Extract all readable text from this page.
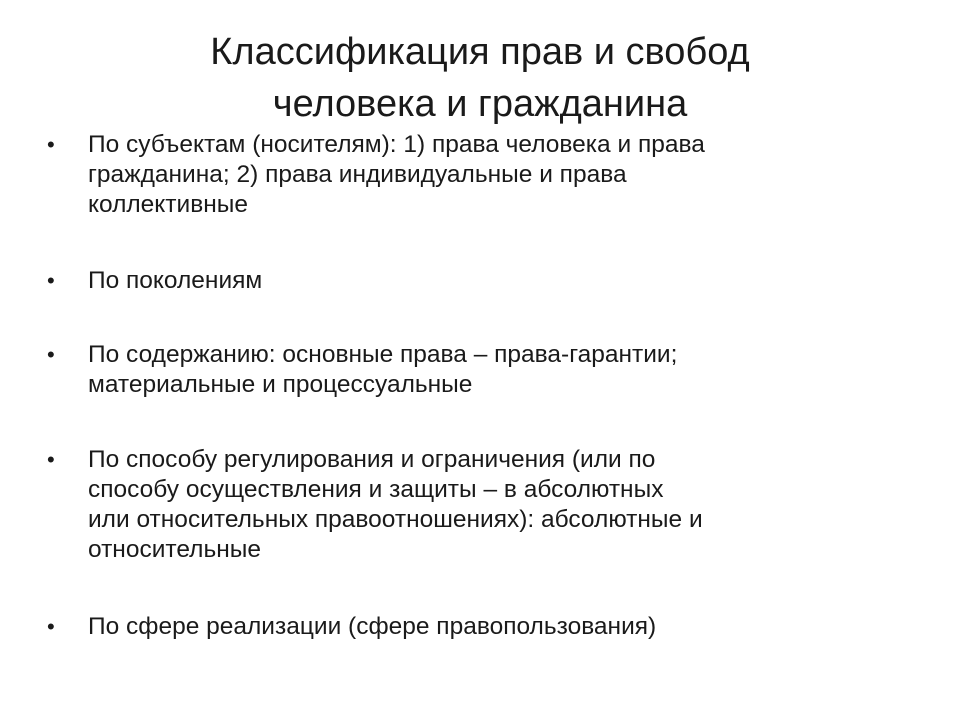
Классификация прав и свобод
человека и гражданина
• По субъектам (носителям): 1) права человека и права
гражданина; 2) права индивидуальные и права
коллективные
• По поколениям
• По содержанию: основные права – права-гарантии;
материальные и процессуальные
• По способу регулирования и ограничения (или по
способу осуществления и защиты – в абсолютных
или относительных правоотношениях): абсолютные и
относительные
• По сфере реализации (сфере правопользования)
